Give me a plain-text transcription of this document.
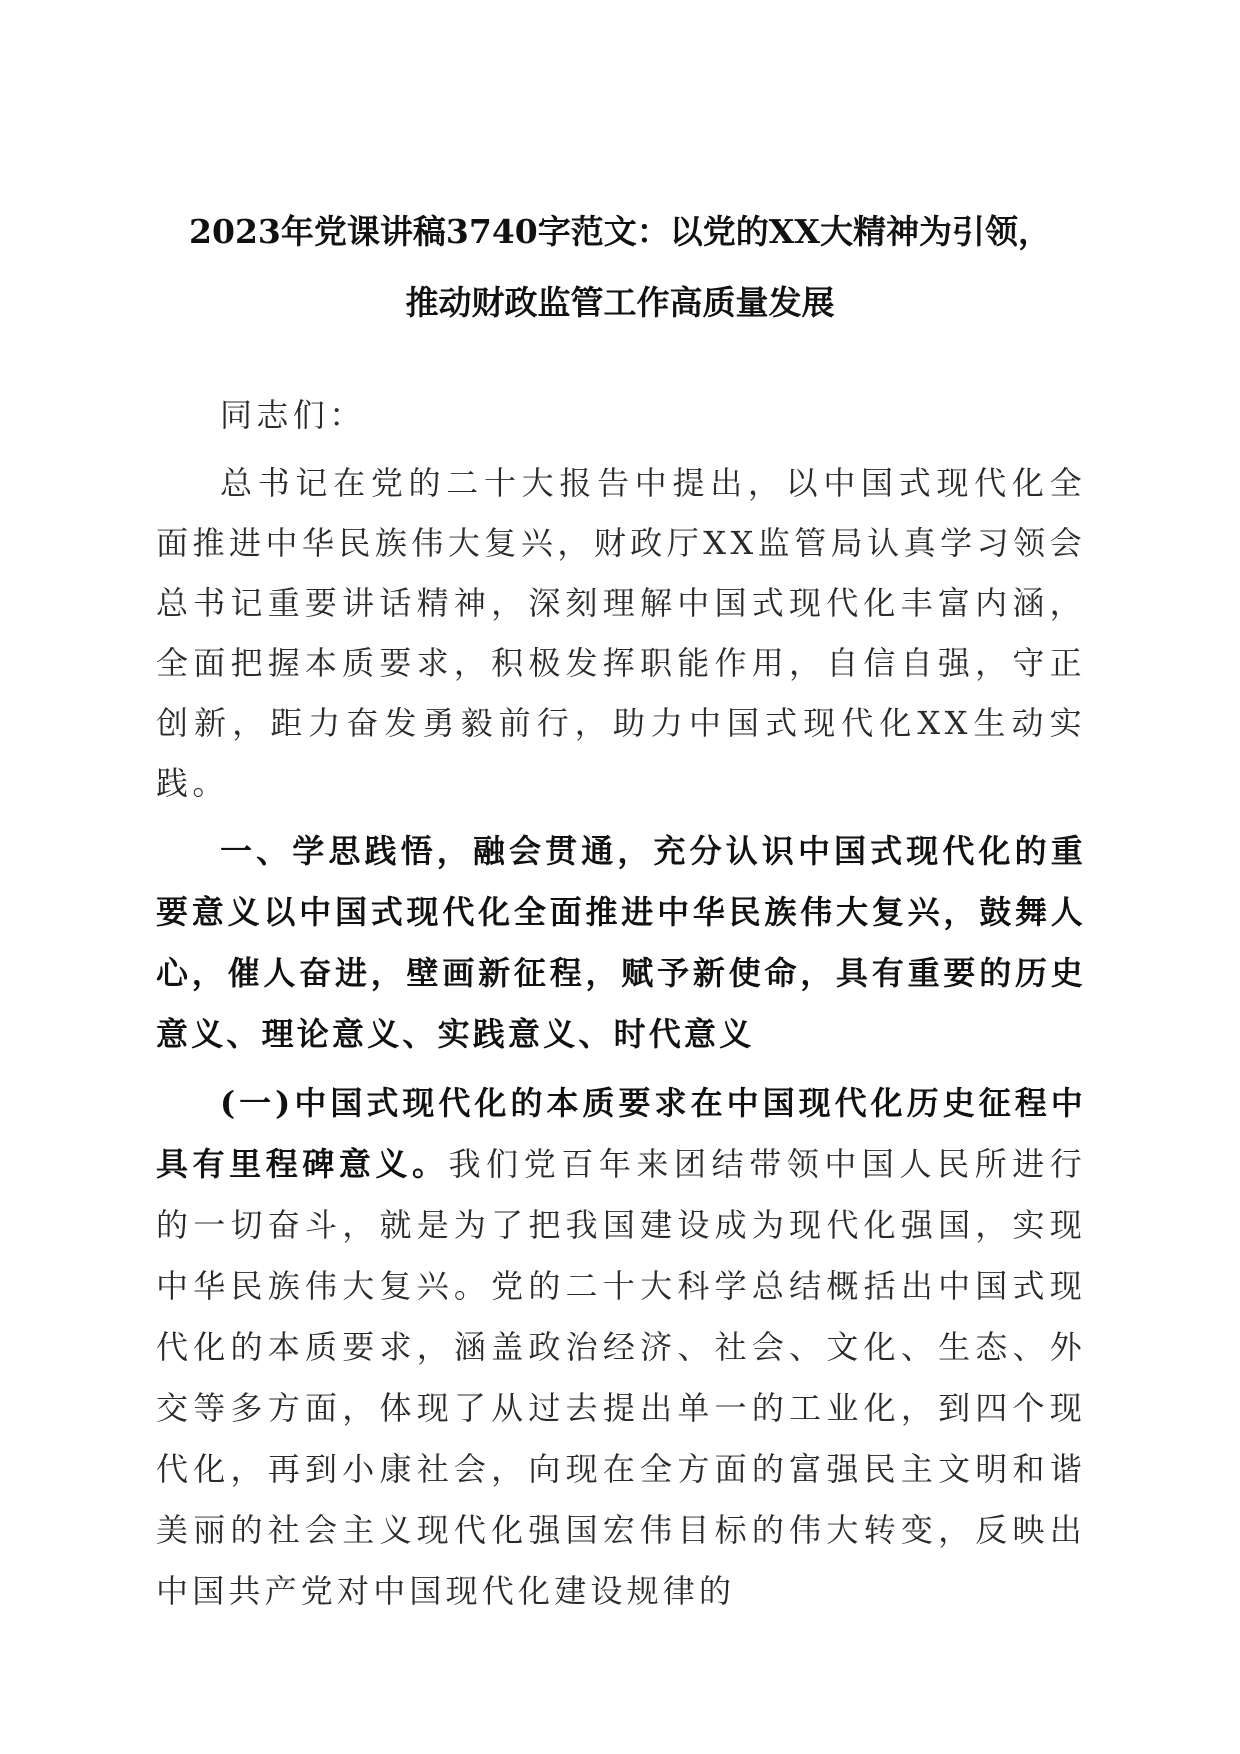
2023年党课讲稿3740字范文：以党的XX大精神为引领，
推动财政监管工作高质量发展

同志们：

总书记在党的二十大报告中提出，以中国式现代化全面推进中华民族伟大复兴，财政厅XX监管局认真学习领会总书记重要讲话精神，深刻理解中国式现代化丰富内涵，全面把握本质要求，积极发挥职能作用，自信自强，守正创新，距力奋发勇毅前行，助力中国式现代化XX生动实践。

一、学思践悟，融会贯通，充分认识中国式现代化的重要意义以中国式现代化全面推进中华民族伟大复兴，鼓舞人心，催人奋进，壁画新征程，赋予新使命，具有重要的历史意义、理论意义、实践意义、时代意义

(一)中国式现代化的本质要求在中国现代化历史征程中具有里程碑意义。我们党百年来团结带领中国人民所进行的一切奋斗，就是为了把我国建设成为现代化强国，实现中华民族伟大复兴。党的二十大科学总结概括出中国式现代化的本质要求，涵盖政治经济、社会、文化、生态、外交等多方面，体现了从过去提出单一的工业化，到四个现代化，再到小康社会，向现在全方面的富强民主文明和谐美丽的社会主义现代化强国宏伟目标的伟大转变，反映出中国共产党对中国现代化建设规律的
